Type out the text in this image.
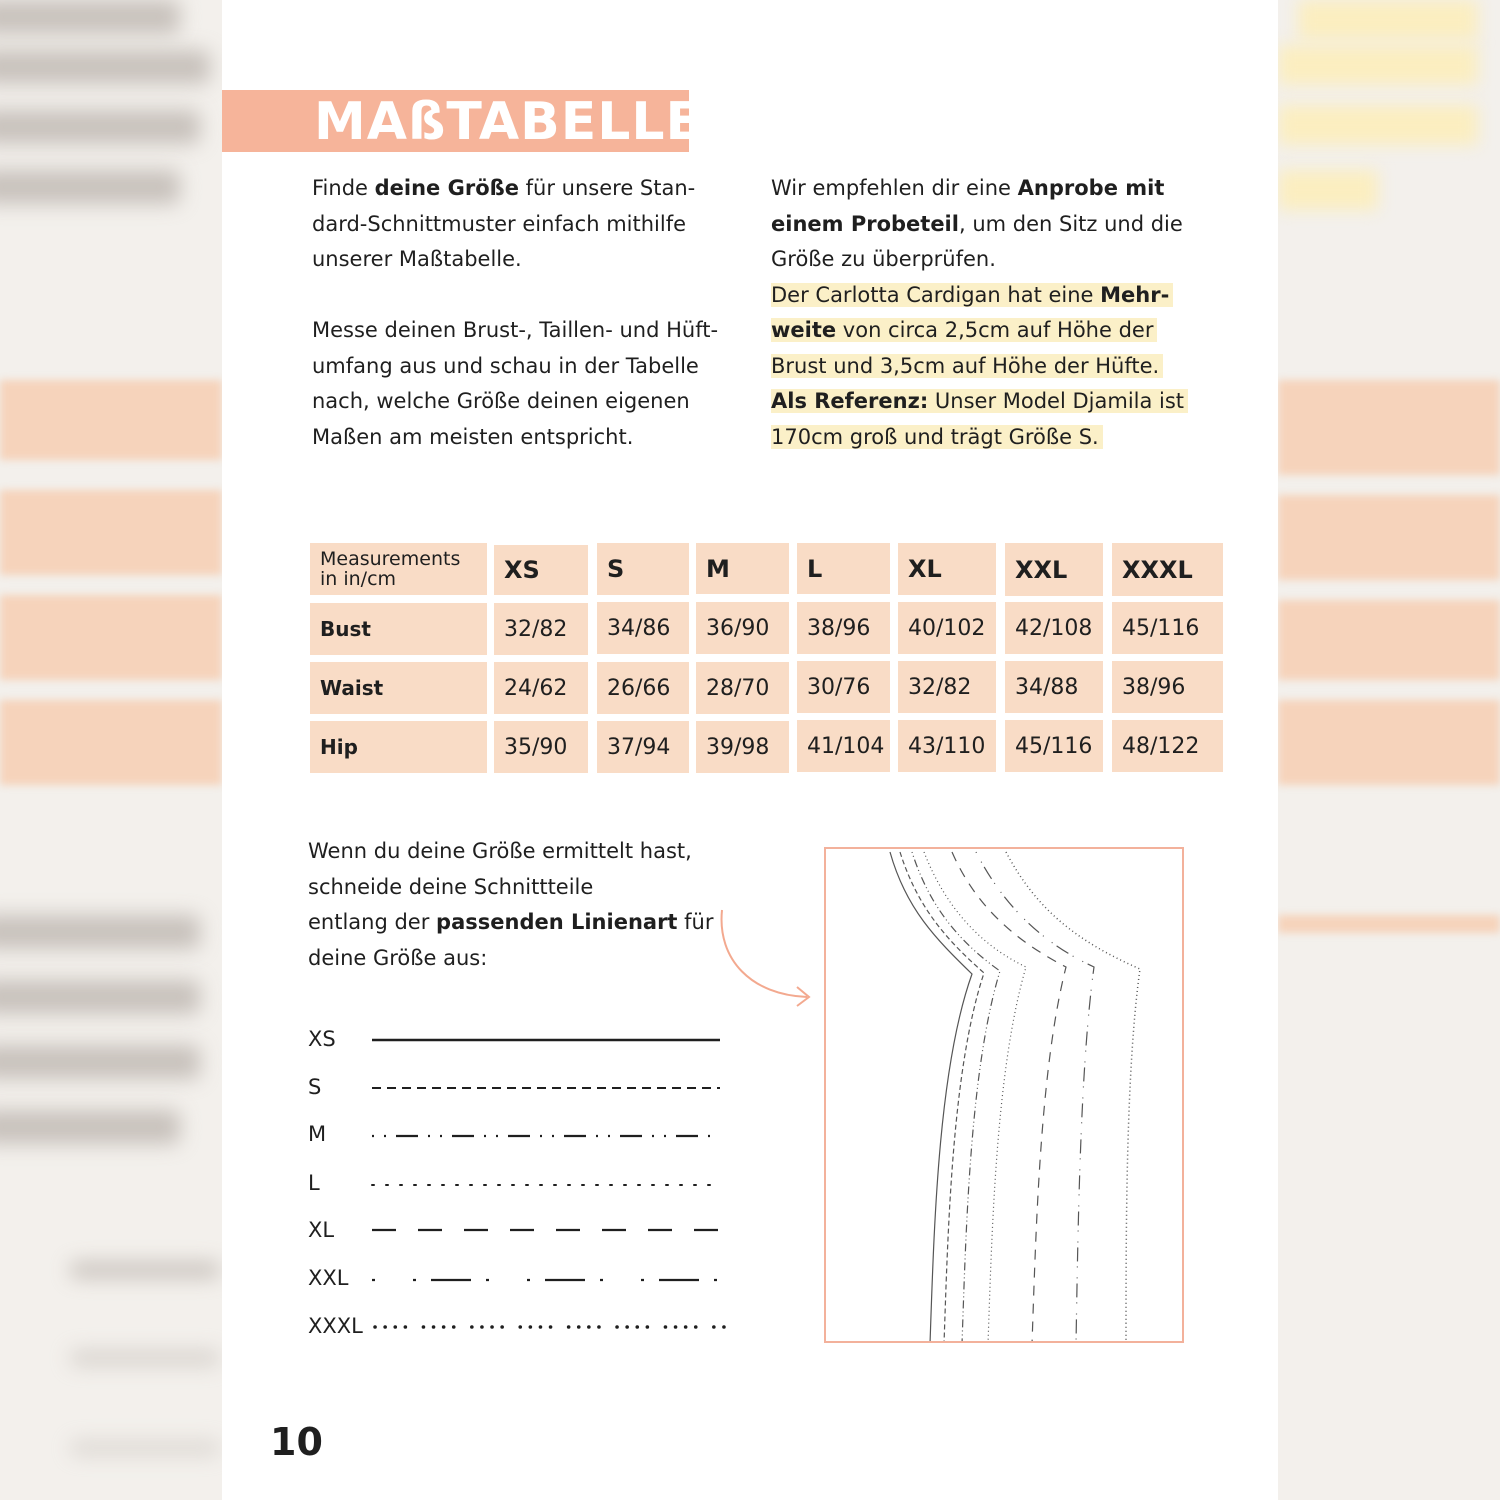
MAßTABELLE

Finde deine Größe für unsere Stan-

dard-Schnittmuster einfach mithilfe

unserer Maßtabelle.

Messe deinen Brust-, Taillen- und Hüft-

umfang aus und schau in der Tabelle

nach, welche Größe deinen eigenen

Maßen am meisten entspricht.

Wir empfehlen dir eine Anprobe mit

einem Probeteil, um den Sitz und die

Größe zu überprüfen.

Der Carlotta Cardigan hat eine Mehr-

weite von circa 2,5cm auf Höhe der

Brust und 3,5cm auf Höhe der Hüfte.

Als Referenz: Unser Model Djamila ist

170cm groß und trägt Größe S.

Measurements
in in/cm	XS	S	M	L	XL	XXL	XXXL
Bust	32/82	34/86	36/90	38/96	40/102	42/108	45/116
Waist	24/62	26/66	28/70	30/76	32/82	34/88	38/96
Hip	35/90	37/94	39/98	41/104	43/110	45/116	48/122

Wenn du deine Größe ermittelt hast,

schneide deine Schnittteile

entlang der passenden Linienart für

deine Größe aus:

XS
S
M
L
XL
XXL
XXXL
10
